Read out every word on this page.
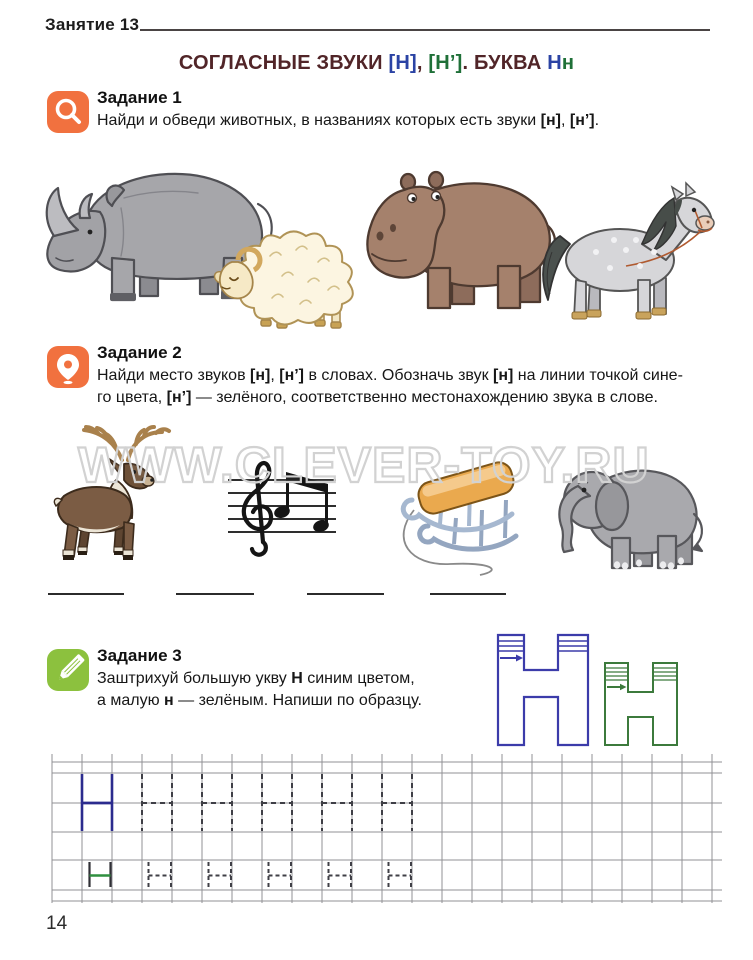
Занятие 13
СОГЛАСНЫЕ ЗВУКИ [Н], [Н’]. БУКВА Нн
Задание 1
Найди и обведи животных, в названиях которых есть звуки [н], [н’].
Задание 2
Найди место звуков [н], [н’] в словах. Обозначь звук [н] на линии точкой сине-
го цвета, [н’] — зелёного, соответственно местонахождению звука в слове.
WWW.CLEVER-TOY.RU
Задание 3
Заштрихуй большую укву Н синим цветом,
а малую н — зелёным. Напиши по образцу.
14
